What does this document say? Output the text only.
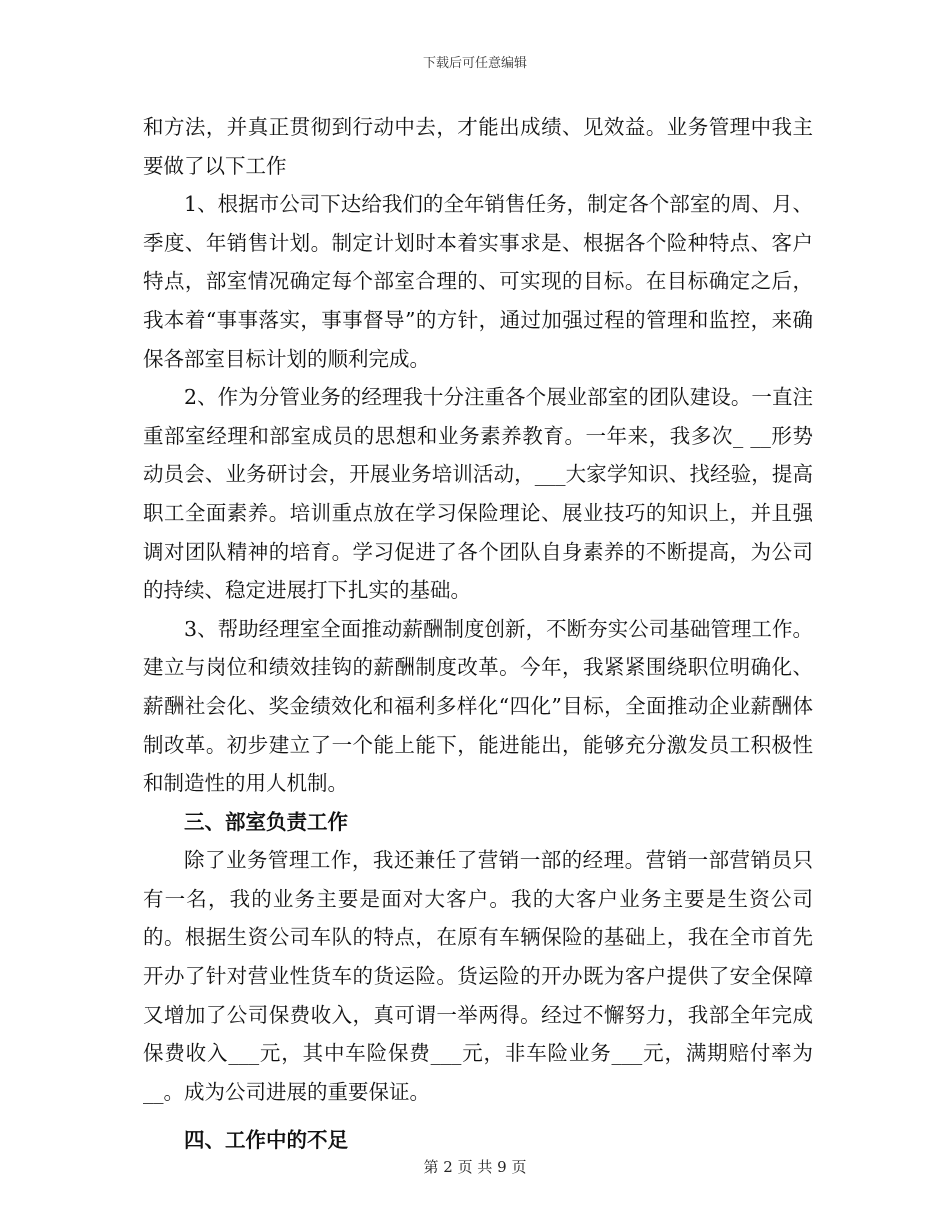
下载后可任意编辑

和方法，并真正贯彻到行动中去，才能出成绩、见效益。业务管理中我主要做了以下工作

1、根据市公司下达给我们的全年销售任务，制定各个部室的周、月、季度、年销售计划。制定计划时本着实事求是、根据各个险种特点、客户特点，部室情况确定每个部室合理的、可实现的目标。在目标确定之后，我本着“事事落实，事事督导”的方针，通过加强过程的管理和监控，来确保各部室目标计划的顺利完成。

2、作为分管业务的经理我十分注重各个展业部室的团队建设。一直注重部室经理和部室成员的思想和业务素养教育。一年来，我多次_ __形势动员会、业务研讨会，开展业务培训活动，___大家学知识、找经验，提高职工全面素养。培训重点放在学习保险理论、展业技巧的知识上，并且强调对团队精神的培育。学习促进了各个团队自身素养的不断提高，为公司的持续、稳定进展打下扎实的基础。

3、帮助经理室全面推动薪酬制度创新，不断夯实公司基础管理工作。建立与岗位和绩效挂钩的薪酬制度改革。今年，我紧紧围绕职位明确化、薪酬社会化、奖金绩效化和福利多样化“四化”目标，全面推动企业薪酬体制改革。初步建立了一个能上能下，能进能出，能够充分激发员工积极性和制造性的用人机制。

三、部室负责工作

除了业务管理工作，我还兼任了营销一部的经理。营销一部营销员只有一名，我的业务主要是面对大客户。我的大客户业务主要是生资公司的。根据生资公司车队的特点，在原有车辆保险的基础上，我在全市首先开办了针对营业性货车的货运险。货运险的开办既为客户提供了安全保障又增加了公司保费收入，真可谓一举两得。经过不懈努力，我部全年完成保费收入___元，其中车险保费___元，非车险业务___元，满期赔付率为__。成为公司进展的重要保证。

四、工作中的不足

第 2 页 共 9 页
